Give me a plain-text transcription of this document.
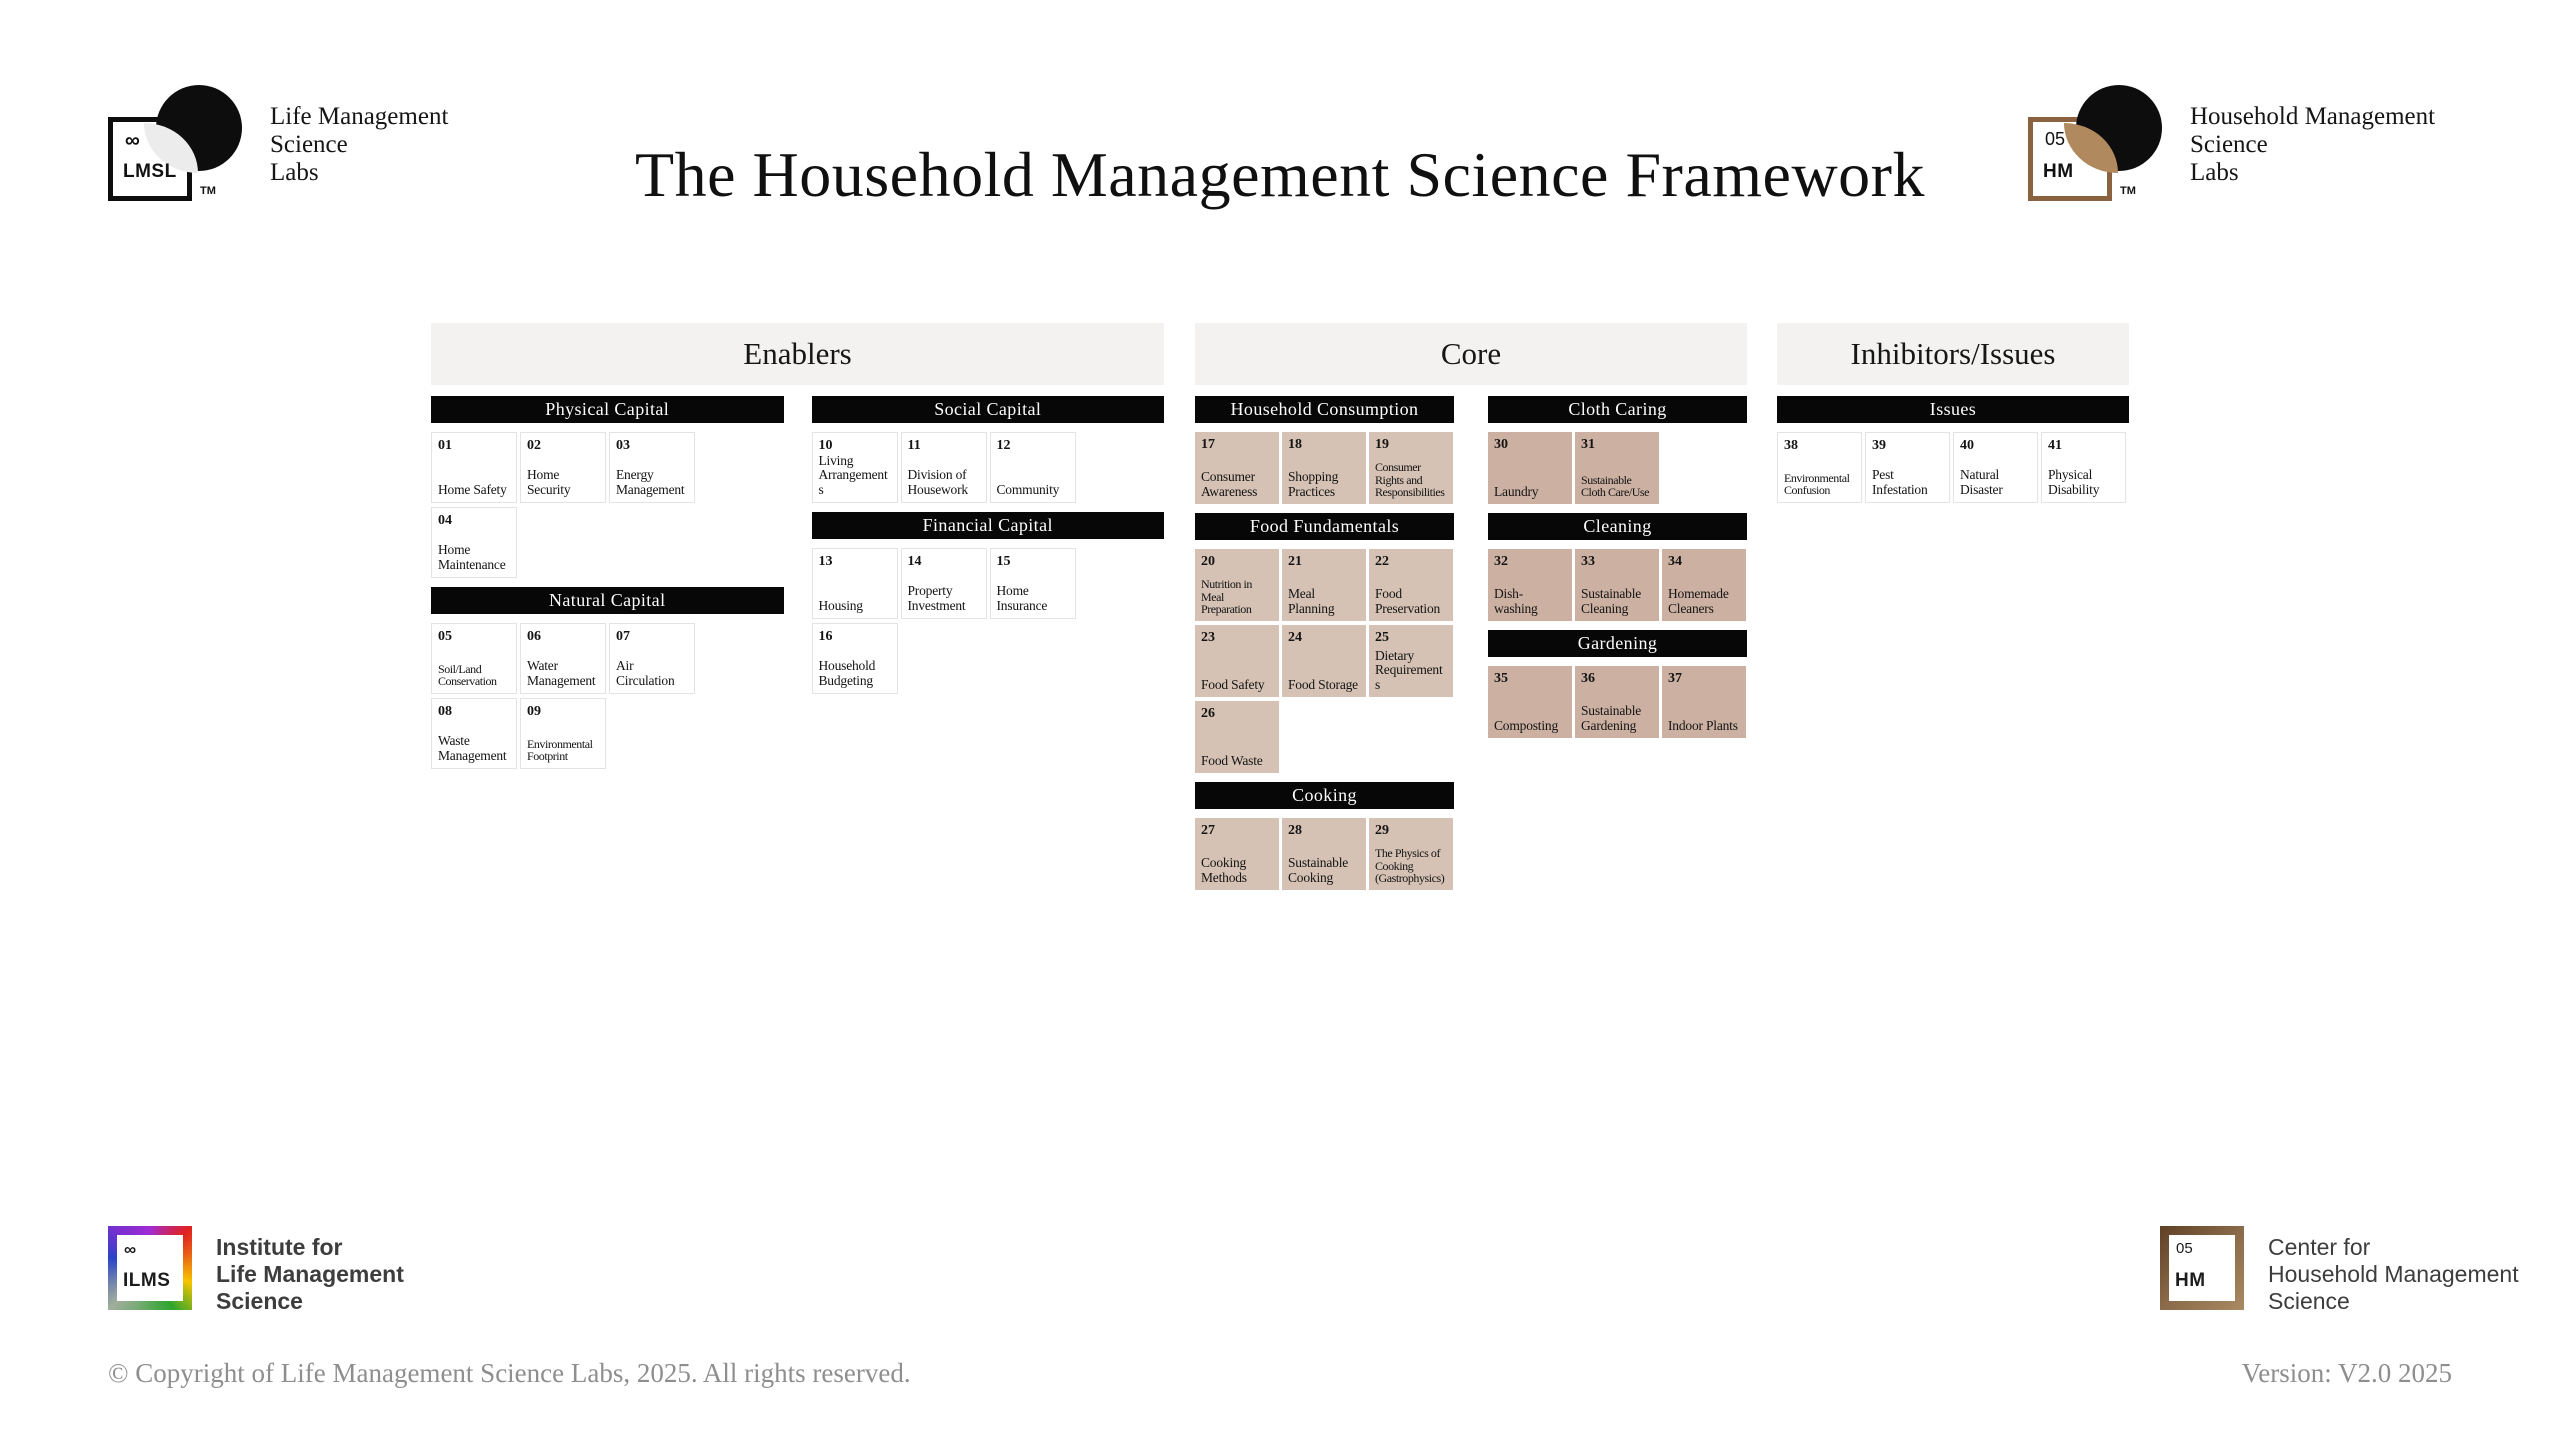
∞
LMSL
TM
Life Management
Science
Labs	The Household Management Science Framework	05
HM
TM
Household Management
Science
Labs
Enablers
Physical Capital
01
Home Safety
02
Home Security
03
Energy Management
04
Home Maintenance
Natural Capital
05
Soil/Land Conservation
06
Water Management
07
Air Circulation
08
Waste Management
09
Environmental Footprint
Social Capital
10
Living Arrangements
11
Division of Housework
12
Community
Financial Capital
13
Housing
14
Property Investment
15
Home Insurance
16
Household Budgeting
Core
Household Consumption
17
Consumer Awareness
18
Shopping Practices
19
Consumer Rights and Responsibilities
Food Fundamentals
20
Nutrition in Meal Preparation
21
Meal Planning
22
Food Preservation
23
Food Safety
24
Food Storage
25
Dietary Requirements
26
Food Waste
Cooking
27
Cooking Methods
28
Sustainable Cooking
29
The Physics of Cooking (Gastrophysics)
Cloth Caring
30
Laundry
31
Sustainable Cloth Care/Use
Cleaning
32
Dish-washing
33
Sustainable Cleaning
34
Homemade Cleaners
Gardening
35
Composting
36
Sustainable Gardening
37
Indoor Plants
Inhibitors/Issues
Issues
38
Environmental Confusion
39
Pest Infestation
40
Natural Disaster
41
Physical Disability
∞
ILMS
Institute for
Life Management
Science
05
HM
Center for
Household Management
Science
© Copyright of Life Management Science Labs, 2025. All rights reserved.	Version: V2.0 2025
